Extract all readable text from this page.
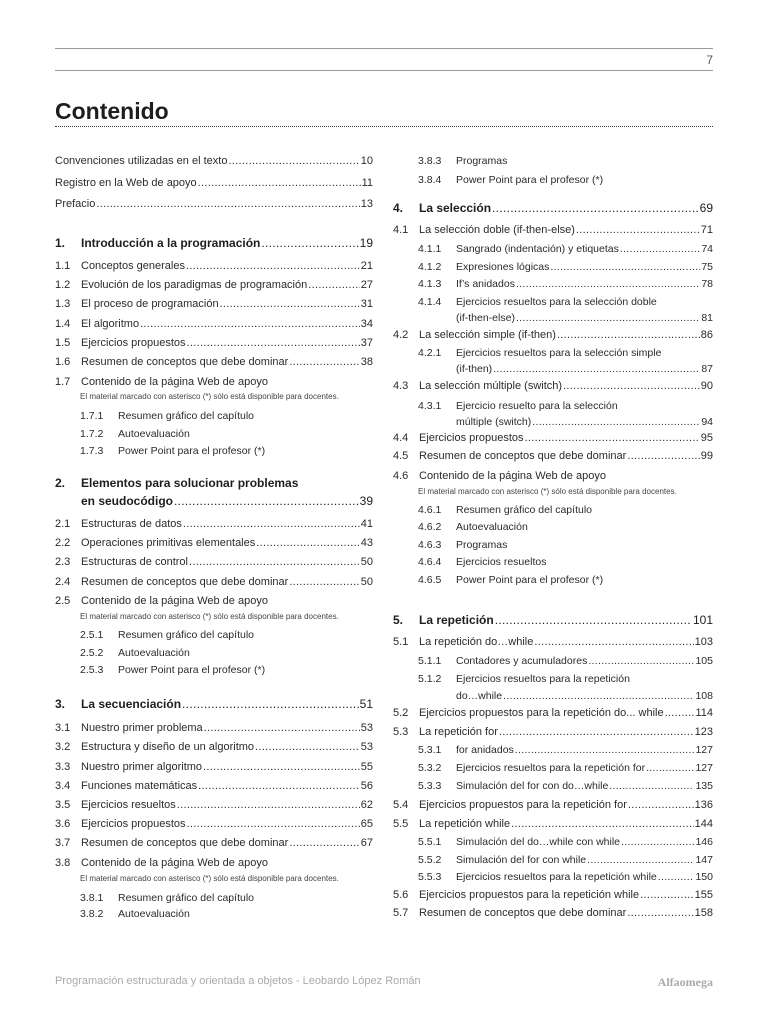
7
Contenido
Convenciones utilizadas en el texto .....	10
Registro en la Web de apoyo .....	11
Prefacio .....	13
1.	Introducción a la programación .....	19
1.1 Conceptos generales .....	21
1.2 Evolución de los paradigmas de programación .....	27
1.3 El proceso de programación .....	31
1.4 El algoritmo .....	34
1.5 Ejercicios propuestos .....	37
1.6 Resumen de conceptos que debe dominar .....	38
1.7 Contenido de la página Web de apoyo
El material marcado con asterisco (*) sólo está disponible para docentes.
1.7.1	Resumen gráfico del capítulo
1.7.2	Autoevaluación
1.7.3	Power Point para el profesor (*)
2.	Elementos para solucionar problemas
en seudocódigo .....	39
2.1 Estructuras de datos .....	41
2.2 Operaciones primitivas elementales .....	43
2.3 Estructuras de control .....	50
2.4 Resumen de conceptos que debe dominar .....	50
2.5 Contenido de la página Web de apoyo
El material marcado con asterisco (*) sólo está disponible para docentes.
2.5.1	Resumen gráfico del capítulo
2.5.2	Autoevaluación
2.5.3	Power Point para el profesor (*)
3.	La secuenciación .....	51
3.1 Nuestro primer problema .....	53
3.2 Estructura y diseño de un algoritmo .....	53
3.3 Nuestro primer algoritmo .....	55
3.4 Funciones matemáticas .....	56
3.5 Ejercicios resueltos .....	62
3.6 Ejercicios propuestos .....	65
3.7 Resumen de conceptos que debe dominar .....	67
3.8 Contenido de la página Web de apoyo
El material marcado con asterisco (*) sólo está disponible para docentes.
3.8.1	Resumen gráfico del capítulo
3.8.2	Autoevaluación
3.8.3	Programas
3.8.4	Power Point para el profesor (*)
4.	La selección .....	69
4.1 La selección doble (if-then-else) .....	71
4.1.1	Sangrado (indentación) y etiquetas .....	74
4.1.2	Expresiones lógicas .....	75
4.1.3	If’s anidados .....	78
4.1.4	Ejercicios resueltos para la selección doble
(if-then-else) .....	81
4.2 La selección simple (if-then) .....	86
4.2.1	Ejercicios resueltos para la selección simple
(if-then) .....	87
4.3 La selección múltiple (switch) .....	90
4.3.1	Ejercicio resuelto para la selección
múltiple (switch) .....	94
4.4 Ejercicios propuestos .....	95
4.5 Resumen de conceptos que debe dominar .....	99
4.6 Contenido de la página Web de apoyo
El material marcado con asterisco (*) sólo está disponible para docentes.
4.6.1	Resumen gráfico del capítulo
4.6.2	Autoevaluación
4.6.3	Programas
4.6.4	Ejercicios resueltos
4.6.5	Power Point para el profesor (*)
5.	La repetición .....	101
5.1 La repetición do…while .....	103
5.1.1	Contadores y acumuladores .....	105
5.1.2	Ejercicios resueltos para la repetición
do…while .....	108
5.2 Ejercicios propuestos para la repetición do... while .....	114
5.3 La repetición for .....	123
5.3.1	for anidados .....	127
5.3.2	Ejercicios resueltos para la repetición for .....	127
5.3.3	Simulación del for con do…while .....	135
5.4 Ejercicios propuestos para la repetición for .....	136
5.5 La repetición while .....	144
5.5.1	Simulación del do…while con while .....	146
5.5.2	Simulación del for con while .....	147
5.5.3	Ejercicios resueltos para la repetición while .....	150
5.6 Ejercicios propuestos para la repetición while .....	155
5.7 Resumen de conceptos que debe dominar .....	158
Programación estructurada y orientada a objetos - Leobardo López Román	Alfaomega
